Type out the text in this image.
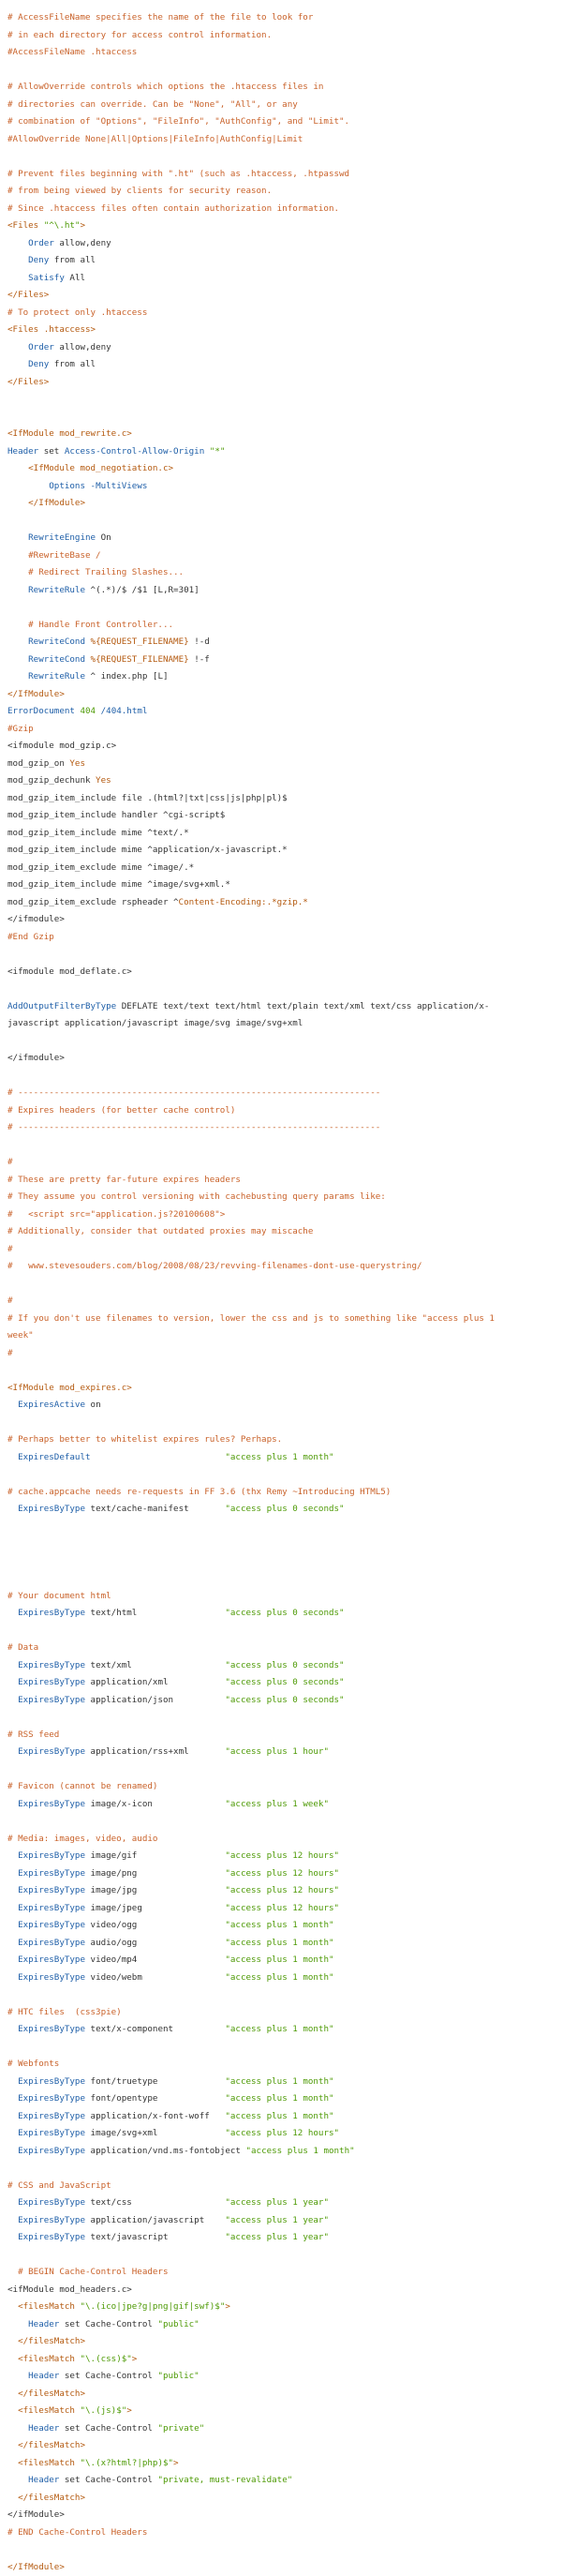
# AccessFileName specifies the name of the file to look for
# in each directory for access control information.
#AccessFileName .htaccess
# AllowOverride controls which options the .htaccess files in
# directories can override. Can be "None", "All", or any
# combination of "Options", "FileInfo", "AuthConfig", and "Limit".
#AllowOverride None|All|Options|FileInfo|AuthConfig|Limit
# Prevent files beginning with ".ht" (such as .htaccess, .htpasswd
# from being viewed by clients for security reason.
# Since .htaccess files often contain authorization information.
<Files "^\.ht">
Order allow,deny
Deny from all
Satisfy All
</Files>
# To protect only .htaccess
<Files .htaccess>
Order allow,deny
Deny from all
</Files>
<IfModule mod_rewrite.c>
Header set Access-Control-Allow-Origin "*"
<IfModule mod_negotiation.c>
Options -MultiViews
</IfModule>
RewriteEngine On
#RewriteBase /
# Redirect Trailing Slashes...
RewriteRule ^(.*)/$ /$1 [L,R=301]
# Handle Front Controller...
RewriteCond %{REQUEST_FILENAME} !-d
RewriteCond %{REQUEST_FILENAME} !-f
RewriteRule ^ index.php [L]
</IfModule>
ErrorDocument 404 /404.html
#Gzip
<ifmodule mod_gzip.c>
mod_gzip_on Yes
mod_gzip_dechunk Yes
mod_gzip_item_include file .(html?|txt|css|js|php|pl)$
mod_gzip_item_include handler ^cgi-script$
mod_gzip_item_include mime ^text/.*
mod_gzip_item_include mime ^application/x-javascript.*
mod_gzip_item_exclude mime ^image/.*
mod_gzip_item_include mime ^image/svg+xml.*
mod_gzip_item_exclude rspheader ^Content-Encoding:.*gzip.*
</ifmodule>
#End Gzip
<ifmodule mod_deflate.c>
AddOutputFilterByType DEFLATE text/text text/html text/plain text/xml text/css application/x-
javascript application/javascript image/svg image/svg+xml
</ifmodule>
# ----------------------------------------------------------------------
# Expires headers (for better cache control)
# ----------------------------------------------------------------------
#
# These are pretty far-future expires headers
# They assume you control versioning with cachebusting query params like:
#   <script src="application.js?20100608">
# Additionally, consider that outdated proxies may miscache
#
#   www.stevesouders.com/blog/2008/08/23/revving-filenames-dont-use-querystring/
#
# If you don't use filenames to version, lower the css and js to something like "access plus 1
week"
#
<IfModule mod_expires.c>
ExpiresActive on
# Perhaps better to whitelist expires rules? Perhaps.
ExpiresDefault	"access plus 1 month"
# cache.appcache needs re-requests in FF 3.6 (thx Remy ~Introducing HTML5)
ExpiresByType text/cache-manifest       "access plus 0 seconds"
# Your document html
ExpiresByType text/html                 "access plus 0 seconds"
# Data
ExpiresByType text/xml                  "access plus 0 seconds"
ExpiresByType application/xml           "access plus 0 seconds"
ExpiresByType application/json          "access plus 0 seconds"
# RSS feed
ExpiresByType application/rss+xml       "access plus 1 hour"
# Favicon (cannot be renamed)
ExpiresByType image/x-icon              "access plus 1 week"
# Media: images, video, audio
ExpiresByType image/gif                 "access plus 12 hours"
ExpiresByType image/png                 "access plus 12 hours"
ExpiresByType image/jpg                 "access plus 12 hours"
ExpiresByType image/jpeg                "access plus 12 hours"
ExpiresByType video/ogg                 "access plus 1 month"
ExpiresByType audio/ogg                 "access plus 1 month"
ExpiresByType video/mp4                 "access plus 1 month"
ExpiresByType video/webm                "access plus 1 month"
# HTC files  (css3pie)
ExpiresByType text/x-component          "access plus 1 month"
# Webfonts
ExpiresByType font/truetype             "access plus 1 month"
ExpiresByType font/opentype             "access plus 1 month"
ExpiresByType application/x-font-woff   "access plus 1 month"
ExpiresByType image/svg+xml             "access plus 12 hours"
ExpiresByType application/vnd.ms-fontobject "access plus 1 month"
# CSS and JavaScript
ExpiresByType text/css                  "access plus 1 year"
ExpiresByType application/javascript    "access plus 1 year"
ExpiresByType text/javascript           "access plus 1 year"
# BEGIN Cache-Control Headers
<ifModule mod_headers.c>
<filesMatch "\.(ico|jpe?g|png|gif|swf)$">
Header set Cache-Control "public"
</filesMatch>
<filesMatch "\.(css)$">
Header set Cache-Control "public"
</filesMatch>
<filesMatch "\.(js)$">
Header set Cache-Control "private"
</filesMatch>
<filesMatch "\.(x?html?|php)$">
Header set Cache-Control "private, must-revalidate"
</filesMatch>
</ifModule>
# END Cache-Control Headers
</IfModule>
